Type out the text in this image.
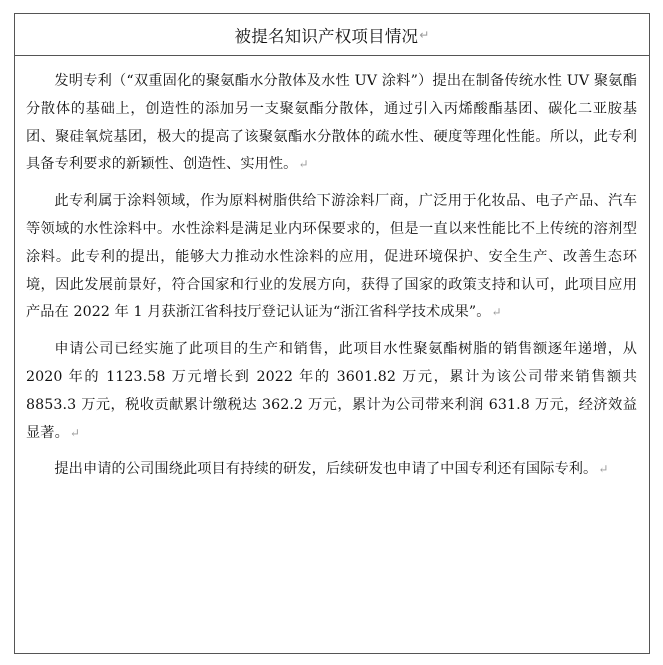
被提名知识产权项目情况 ↵

发明专利（“双重固化的聚氨酯水分散体及水性 UV 涂料”）提出在制备传统水性 UV 聚氨酯分散体的基础上，创造性的添加另一支聚氨酯分散体，通过引入丙烯酸酯基团、碳化二亚胺基团、聚硅氧烷基团，极大的提高了该聚氨酯水分散体的疏水性、硬度等理化性能。所以，此专利具备专利要求的新颖性、创造性、实用性。↵

此专利属于涂料领域，作为原料树脂供给下游涂料厂商，广泛用于化妆品、电子产品、汽车等领域的水性涂料中。水性涂料是满足业内环保要求的，但是一直以来性能比不上传统的溶剂型涂料。此专利的提出，能够大力推动水性涂料的应用，促进环境保护、安全生产、改善生态环境，因此发展前景好，符合国家和行业的发展方向，获得了国家的政策支持和认可，此项目应用产品在 2022 年 1 月获浙江省科技厅登记认证为“浙江省科学技术成果”。↵

申请公司已经实施了此项目的生产和销售，此项目水性聚氨酯树脂的销售额逐年递增，从 2020 年的 1123.58 万元增长到 2022 年的 3601.82 万元，累计为该公司带来销售额共 8853.3 万元，税收贡献累计缴税达 362.2 万元，累计为公司带来利润 631.8 万元，经济效益显著。↵

提出申请的公司围绕此项目有持续的研发，后续研发也申请了中国专利还有国际专利。↵
